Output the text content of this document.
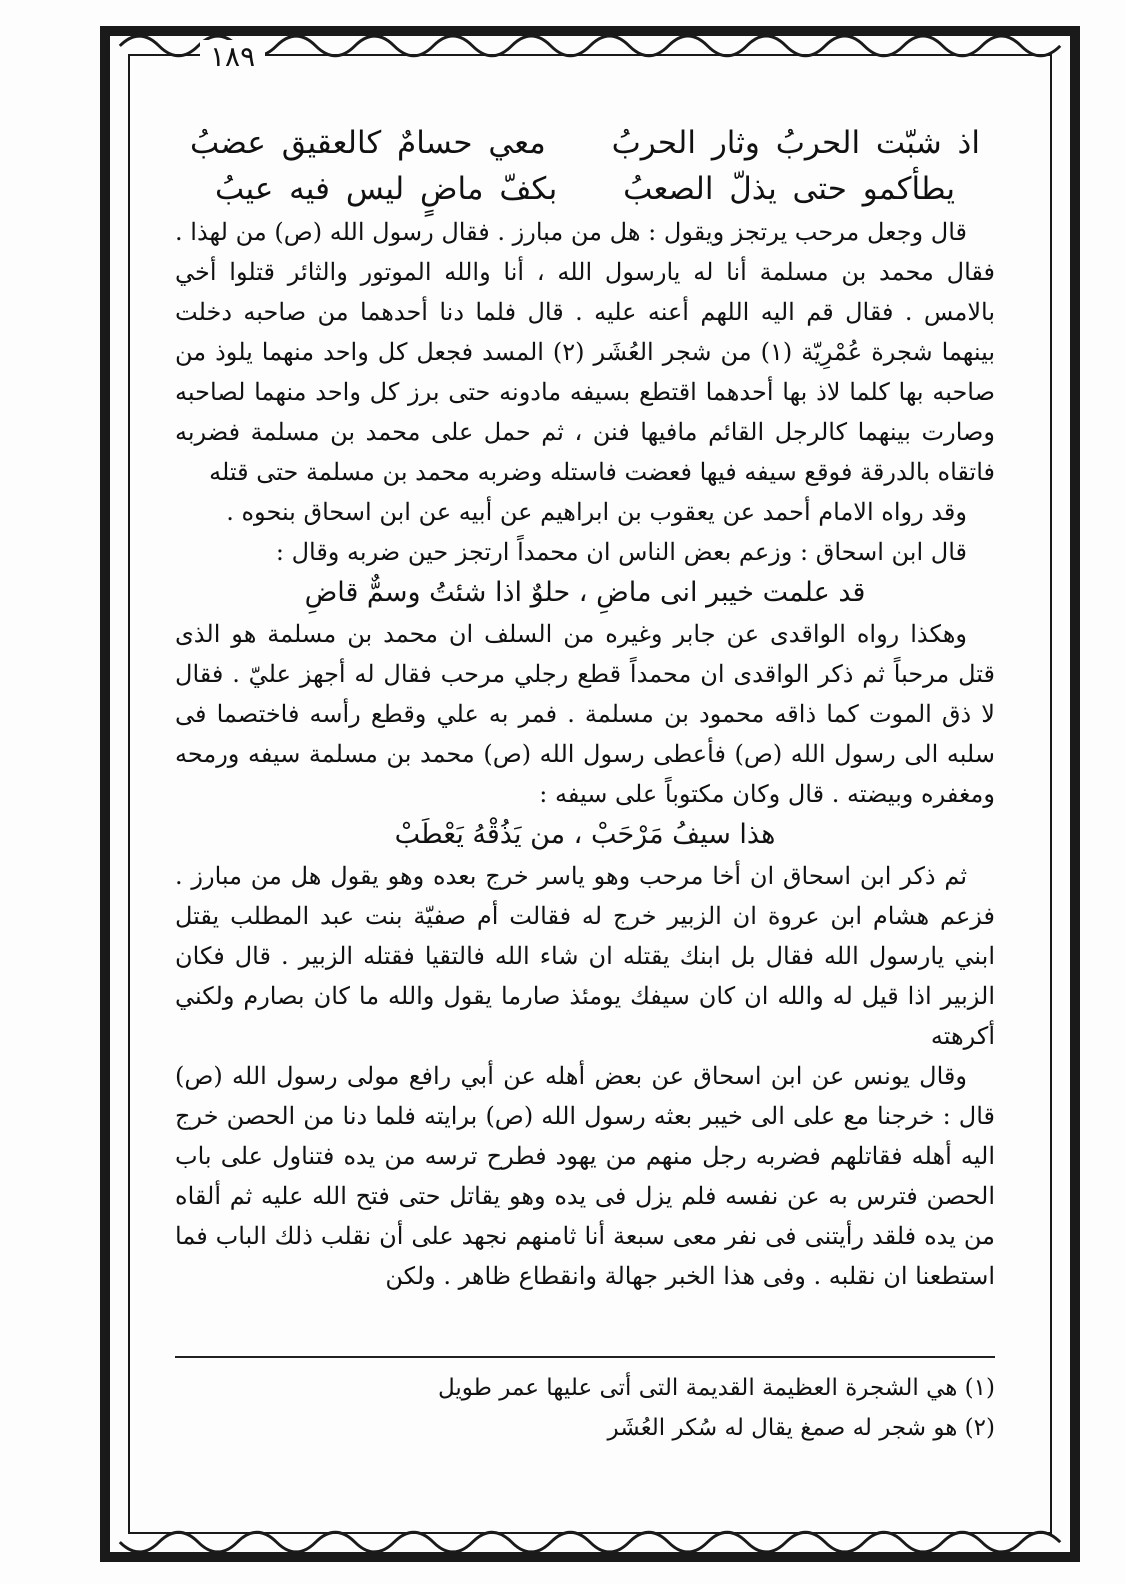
١٨٩
اذ شبّت الحربُ وثار الحربُ معي حسامٌ كالعقيق عضبُ
يطأكمو حتى يذلّ الصعبُ بكفّ ماضٍ ليس فيه عيبُ

قال وجعل مرحب يرتجز ويقول : هل من مبارز . فقال رسول الله (ص) من لهذا . فقال محمد بن مسلمة أنا له يارسول الله ، أنا والله الموتور والثائر قتلوا أخي بالامس . فقال قم اليه اللهم أعنه عليه . قال فلما دنا أحدهما من صاحبه دخلت بينهما شجرة عُمْرِيّة (١) من شجر العُشَر (٢) المسد فجعل كل واحد منهما يلوذ من صاحبه بها كلما لاذ بها أحدهما اقتطع بسيفه مادونه حتى برز كل واحد منهما لصاحبه وصارت بينهما كالرجل القائم مافيها فنن ، ثم حمل على محمد بن مسلمة فضربه فاتقاه بالدرقة فوقع سيفه فيها فعضت فاستله وضربه محمد بن مسلمة حتى قتله

وقد رواه الامام أحمد عن يعقوب بن ابراهيم عن أبيه عن ابن اسحاق بنحوه .

قال ابن اسحاق : وزعم بعض الناس ان محمداً ارتجز حين ضربه وقال :

قد علمت خيبر انى ماضِ ، حلوٌ اذا شئتُ وسمٌّ قاضِ

وهكذا رواه الواقدى عن جابر وغيره من السلف ان محمد بن مسلمة هو الذى قتل مرحباً ثم ذكر الواقدى ان محمداً قطع رجلي مرحب فقال له أجهز عليّ . فقال لا ذق الموت كما ذاقه محمود بن مسلمة . فمر به علي وقطع رأسه فاختصما فى سلبه الى رسول الله (ص) فأعطى رسول الله (ص) محمد بن مسلمة سيفه ورمحه ومغفره وبيضته . قال وكان مكتوباً على سيفه :

هذا سيفُ مَرْحَبْ ، من يَذُقْهُ يَعْطَبْ

ثم ذكر ابن اسحاق ان أخا مرحب وهو ياسر خرج بعده وهو يقول هل من مبارز . فزعم هشام ابن عروة ان الزبير خرج له فقالت أم صفيّة بنت عبد المطلب يقتل ابني يارسول الله فقال بل ابنك يقتله ان شاء الله فالتقيا فقتله الزبير . قال فكان الزبير اذا قيل له والله ان كان سيفك يومئذ صارما يقول والله ما كان بصارم ولكني أكرهته

وقال يونس عن ابن اسحاق عن بعض أهله عن أبي رافع مولى رسول الله (ص) قال : خرجنا مع على الى خيبر بعثه رسول الله (ص) برايته فلما دنا من الحصن خرج اليه أهله فقاتلهم فضربه رجل منهم من يهود فطرح ترسه من يده فتناول على باب الحصن فترس به عن نفسه فلم يزل فى يده وهو يقاتل حتى فتح الله عليه ثم ألقاه من يده فلقد رأيتنى فى نفر معى سبعة أنا ثامنهم نجهد على أن نقلب ذلك الباب فما استطعنا ان نقلبه . وفى هذا الخبر جهالة وانقطاع ظاهر . ولكن

(١) هي الشجرة العظيمة القديمة التى أتى عليها عمر طويل

(٢) هو شجر له صمغ يقال له سُكر العُشَر
